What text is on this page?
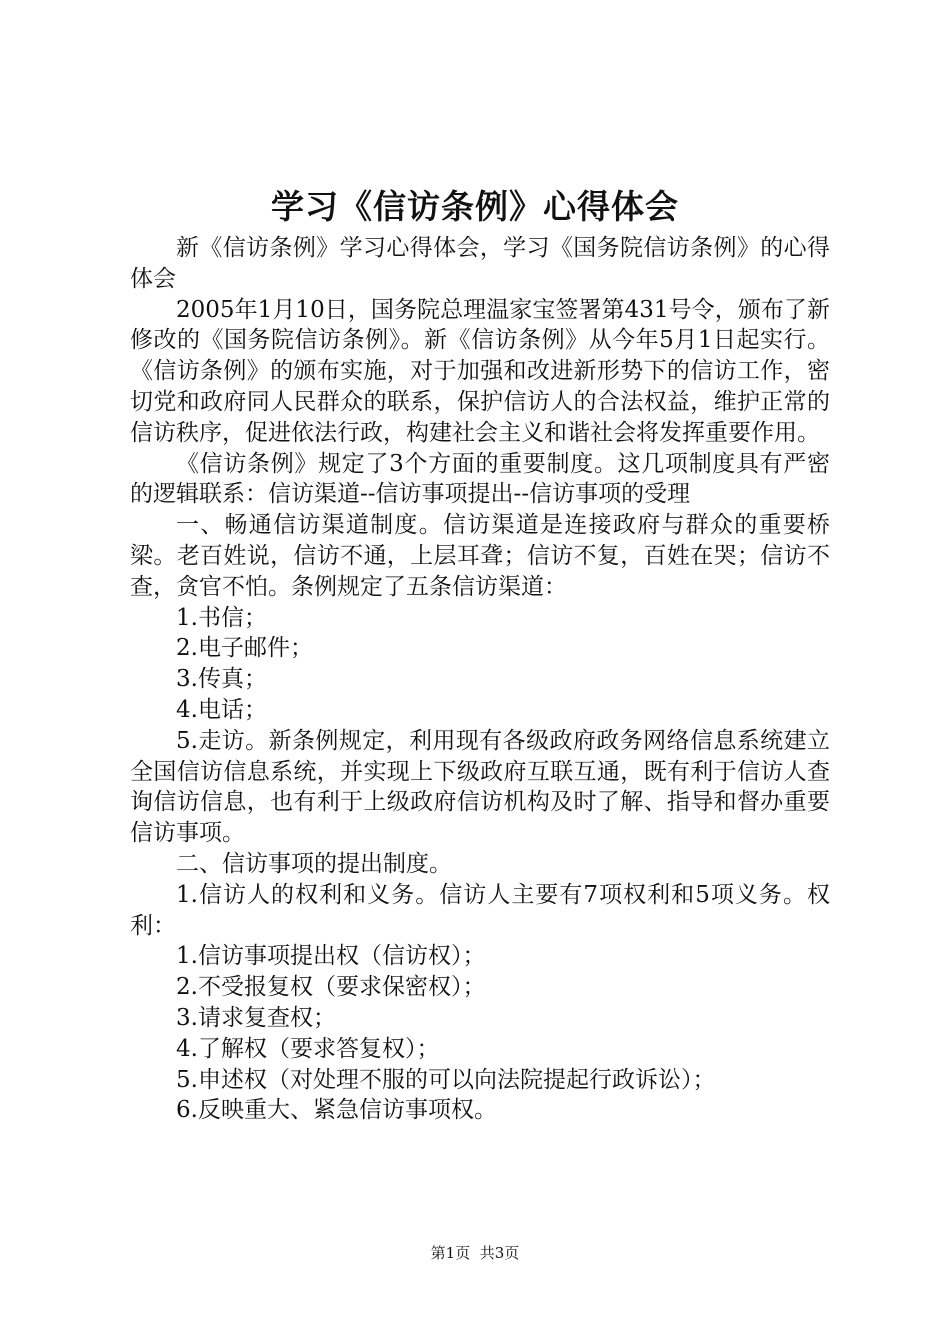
学习《信访条例》心得体会

新《信访条例》学习心得体会，学习《国务院信访条例》的心得体会

2005年1月10日，国务院总理温家宝签署第431号令，颁布了新修改的《国务院信访条例》。新《信访条例》从今年5月1日起实行。《信访条例》的颁布实施，对于加强和改进新形势下的信访工作，密切党和政府同人民群众的联系，保护信访人的合法权益，维护正常的信访秩序，促进依法行政，构建社会主义和谐社会将发挥重要作用。

《信访条例》规定了3个方面的重要制度。这几项制度具有严密的逻辑联系：信访渠道--信访事项提出--信访事项的受理

一、畅通信访渠道制度。信访渠道是连接政府与群众的重要桥梁。老百姓说，信访不通，上层耳聋；信访不复，百姓在哭；信访不查，贪官不怕。条例规定了五条信访渠道：

1.书信；

2.电子邮件；

3.传真；

4.电话；

5.走访。新条例规定，利用现有各级政府政务网络信息系统建立全国信访信息系统，并实现上下级政府互联互通，既有利于信访人查询信访信息，也有利于上级政府信访机构及时了解、指导和督办重要信访事项。

二、信访事项的提出制度。

1.信访人的权利和义务。信访人主要有7项权利和5项义务。权利：

1.信访事项提出权（信访权）；

2.不受报复权（要求保密权）；

3.请求复查权；

4.了解权（要求答复权）；

5.申述权（对处理不服的可以向法院提起行政诉讼）；

6.反映重大、紧急信访事项权。

第1页 共3页
